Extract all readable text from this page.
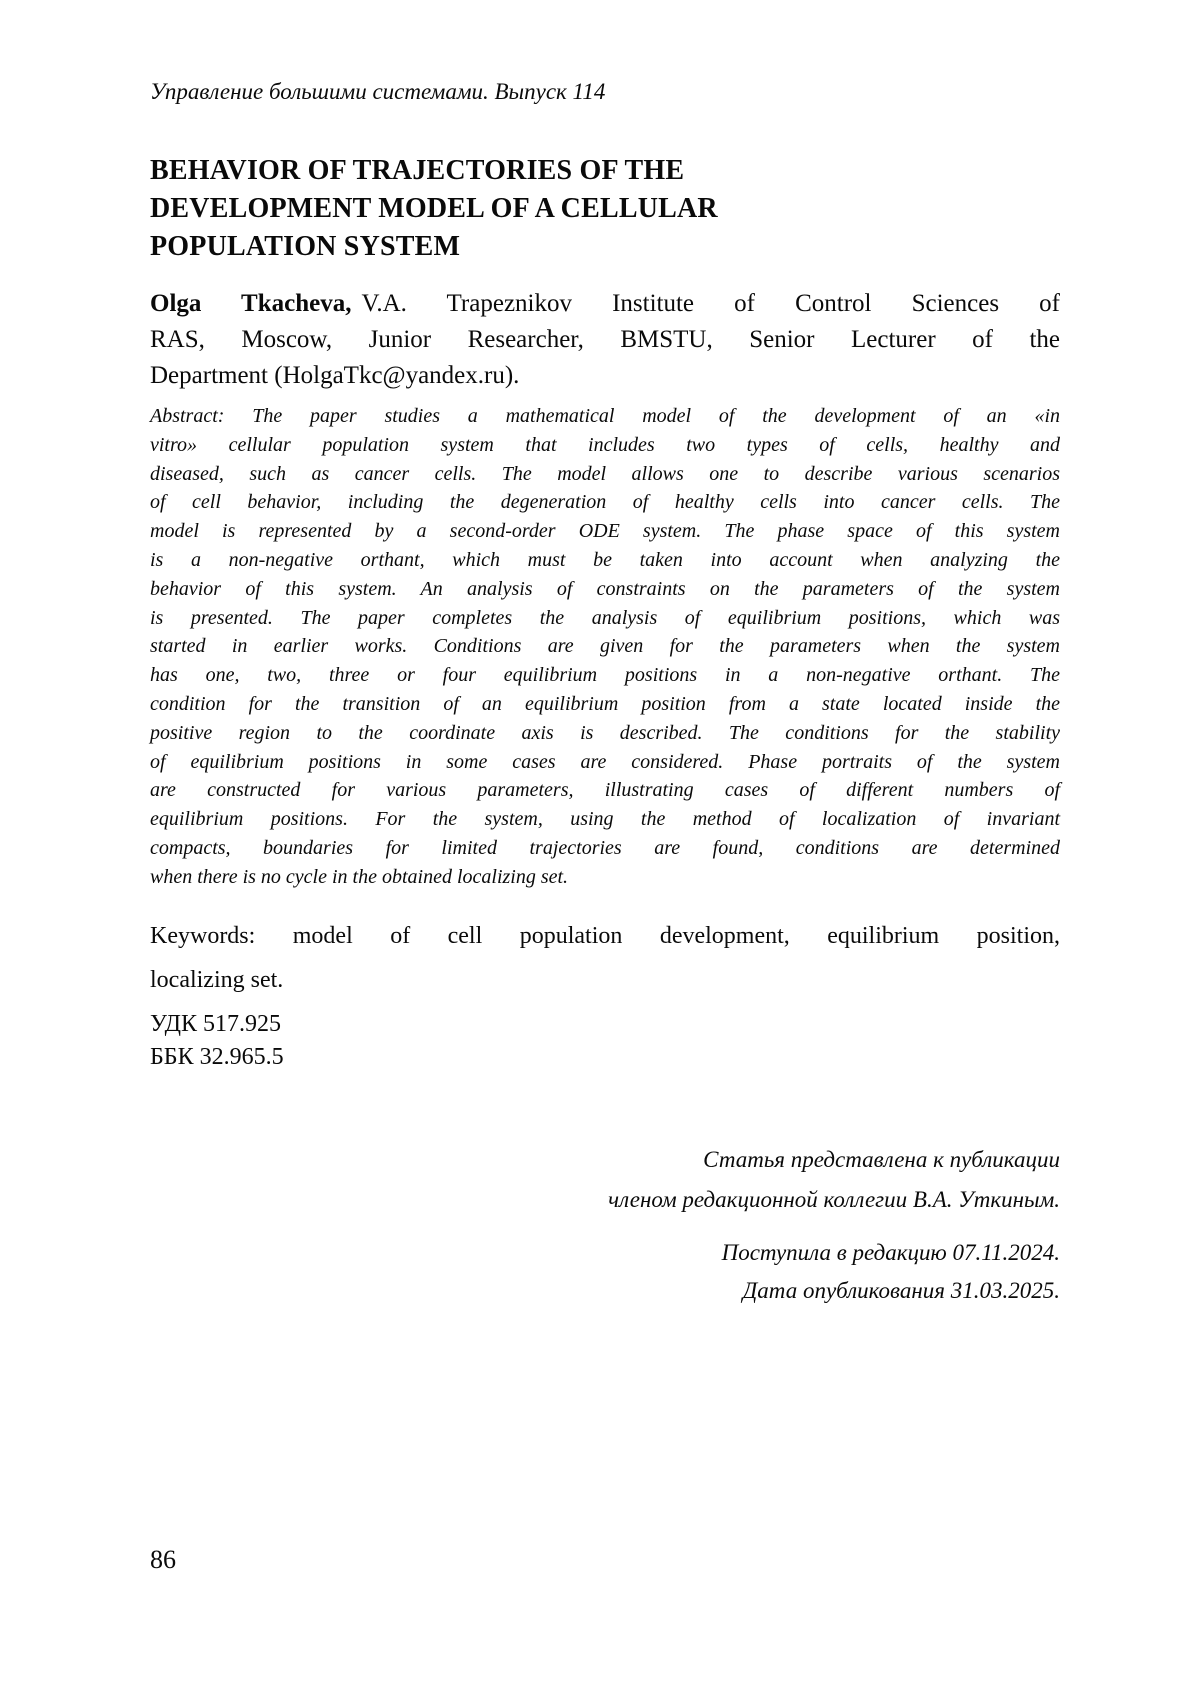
Управление большими системами. Выпуск 114
BEHAVIOR OF TRAJECTORIES OF THE
DEVELOPMENT MODEL OF A CELLULAR
POPULATION SYSTEM
Olga Tkacheva, V.A. Trapeznikov Institute of Control Sciences of
RAS, Moscow, Junior Researcher, BMSTU, Senior Lecturer of the
Department (HolgaTkc@yandex.ru).
Abstract: The paper studies a mathematical model of the development of an «in
vitro» cellular population system that includes two types of cells, healthy and
diseased, such as cancer cells. The model allows one to describe various scenarios
of cell behavior, including the degeneration of healthy cells into cancer cells. The
model is represented by a second-order ODE system. The phase space of this system
is a non-negative orthant, which must be taken into account when analyzing the
behavior of this system. An analysis of constraints on the parameters of the system
is presented. The paper completes the analysis of equilibrium positions, which was
started in earlier works. Conditions are given for the parameters when the system
has one, two, three or four equilibrium positions in a non-negative orthant. The
condition for the transition of an equilibrium position from a state located inside the
positive region to the coordinate axis is described. The conditions for the stability
of equilibrium positions in some cases are considered. Phase portraits of the system
are constructed for various parameters, illustrating cases of different numbers of
equilibrium positions. For the system, using the method of localization of invariant
compacts, boundaries for limited trajectories are found, conditions are determined
when there is no cycle in the obtained localizing set.
Keywords: model of cell population development, equilibrium position,
localizing set.
УДК 517.925
ББК 32.965.5
Статья представлена к публикации
членом редакционной коллегии В.А. Уткиным.
Поступила в редакцию 07.11.2024.
Дата опубликования 31.03.2025.
86
